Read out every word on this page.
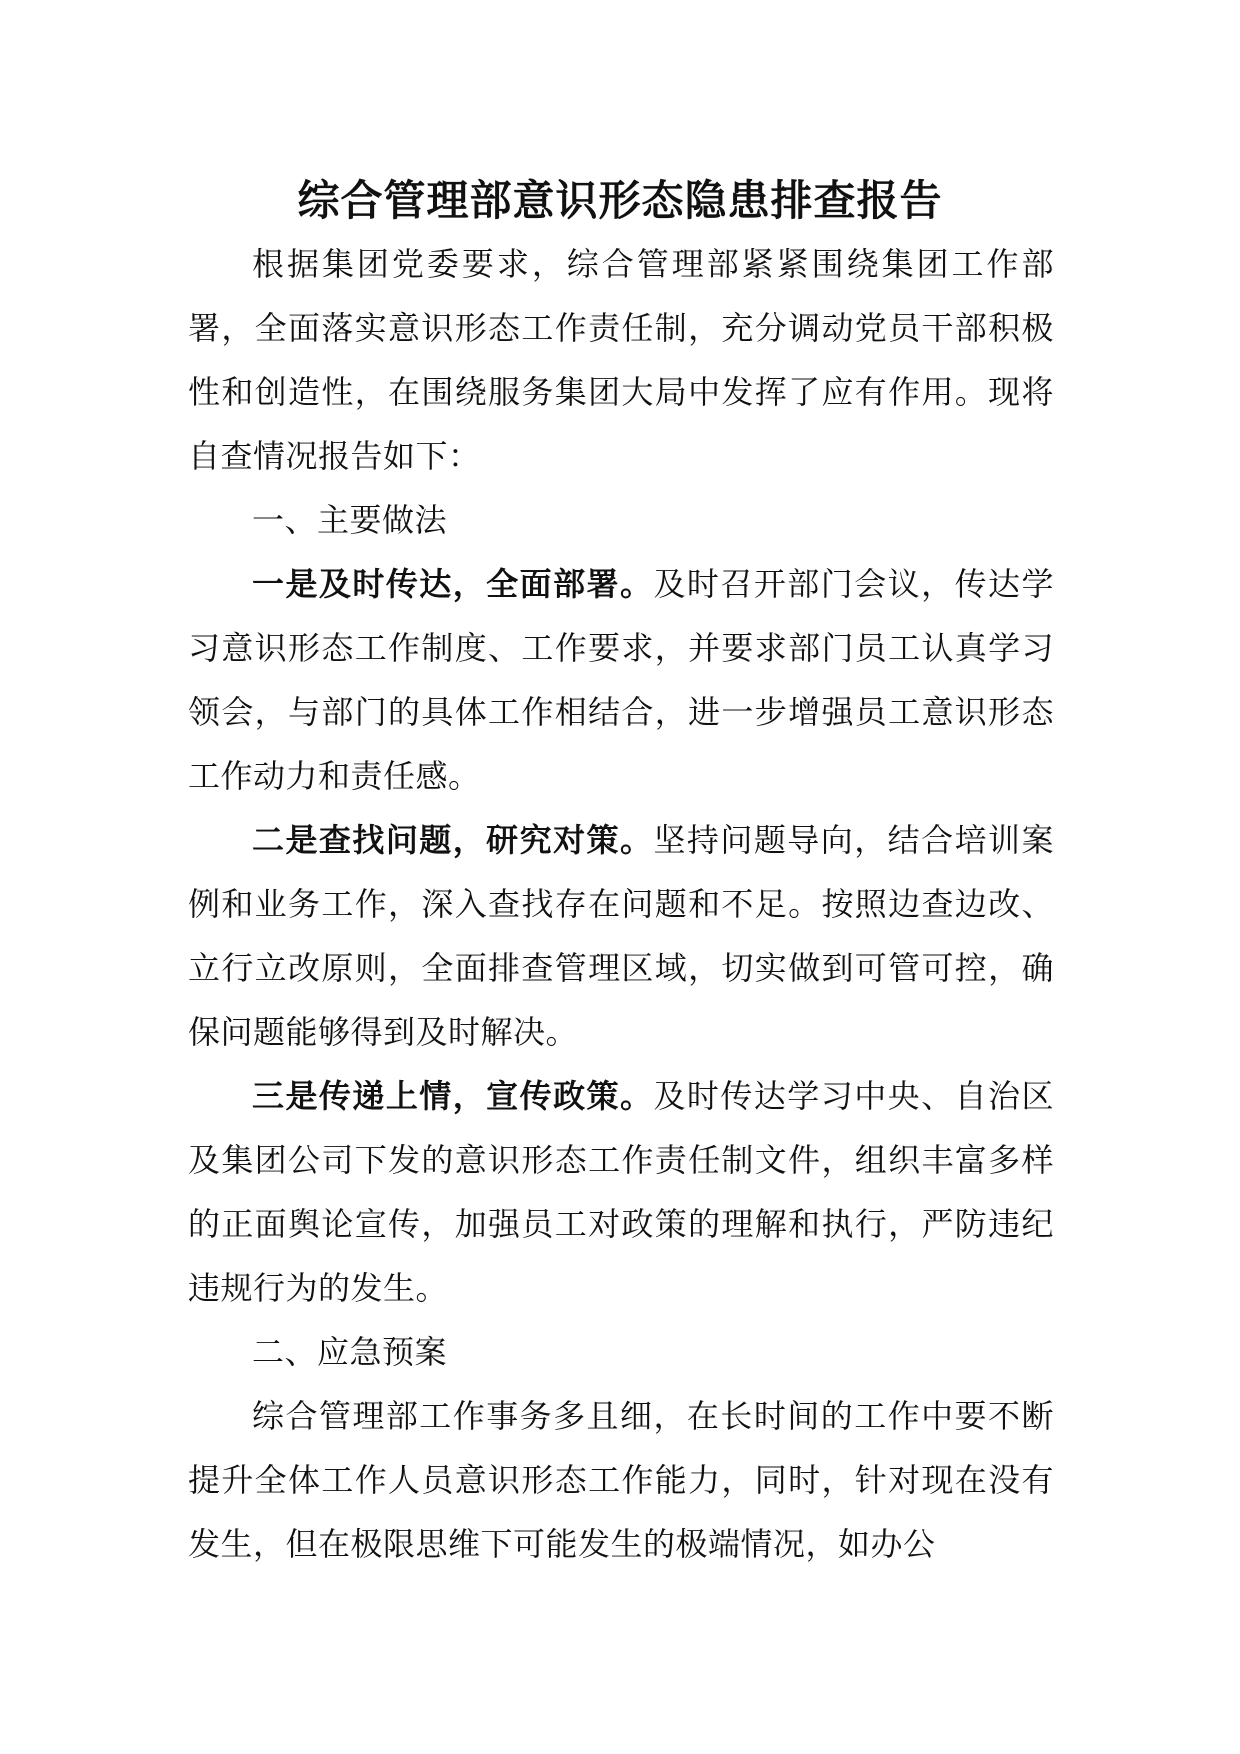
综合管理部意识形态隐患排查报告

根据集团党委要求，综合管理部紧紧围绕集团工作部署，全面落实意识形态工作责任制，充分调动党员干部积极性和创造性，在围绕服务集团大局中发挥了应有作用。现将自查情况报告如下：

一、主要做法

一是及时传达，全面部署。及时召开部门会议，传达学习意识形态工作制度、工作要求，并要求部门员工认真学习领会，与部门的具体工作相结合，进一步增强员工意识形态工作动力和责任感。

二是查找问题，研究对策。坚持问题导向，结合培训案例和业务工作，深入查找存在问题和不足。按照边查边改、立行立改原则，全面排查管理区域，切实做到可管可控，确保问题能够得到及时解决。

三是传递上情，宣传政策。及时传达学习中央、自治区及集团公司下发的意识形态工作责任制文件，组织丰富多样的正面舆论宣传，加强员工对政策的理解和执行，严防违纪违规行为的发生。

二、应急预案

综合管理部工作事务多且细，在长时间的工作中要不断提升全体工作人员意识形态工作能力，同时，针对现在没有发生，但在极限思维下可能发生的极端情况，如办公
